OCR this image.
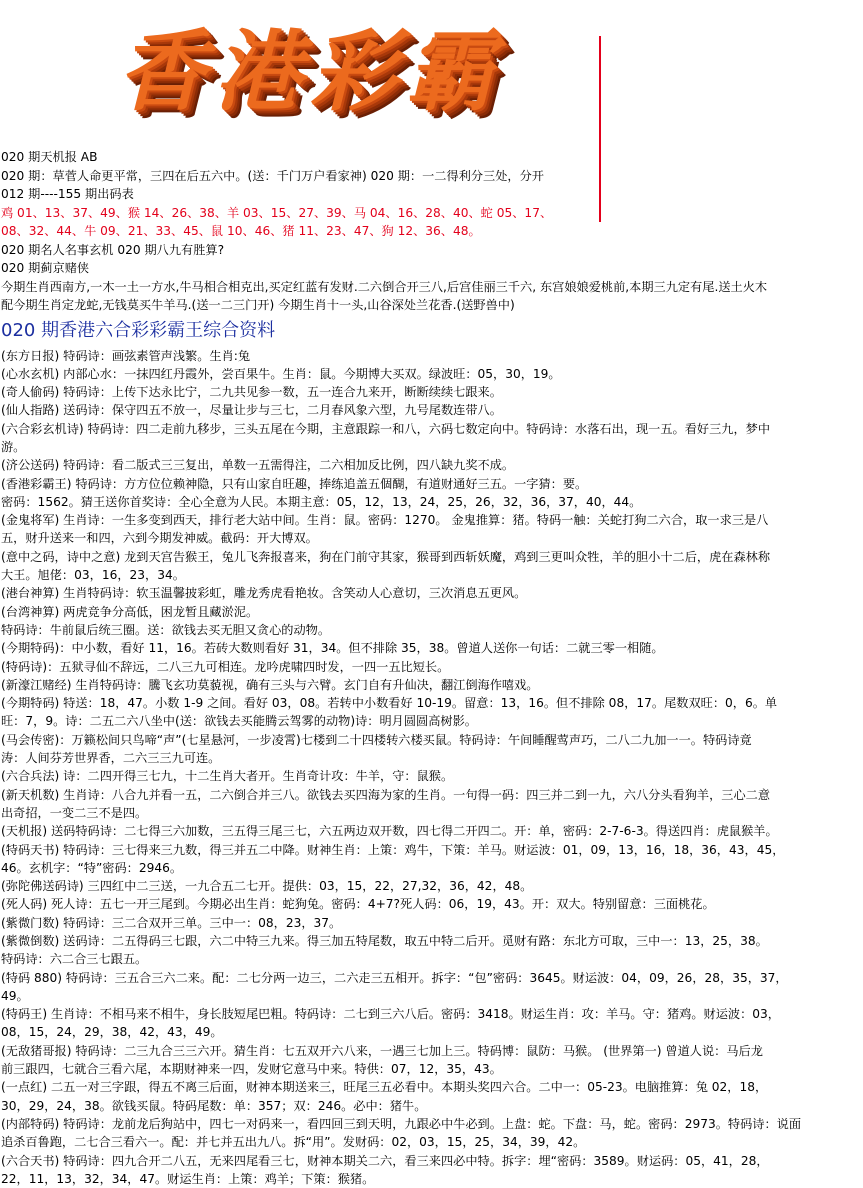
香港彩霸
020 期天机报 AB
020 期：草菅人命更平常，三四在后五六中。(送：千门万户看家神) 020 期：一二得利分三处，分开
012 期----155 期出码表
鸡 01、13、37、49、猴 14、26、38、羊 03、15、27、39、马 04、16、28、40、蛇 05、17、
08、32、44、牛 09、21、33、45、鼠 10、46、猪 11、23、47、狗 12、36、48。
020 期名人名事玄机 020 期八九有胜算?
020 期蓟京赌侠
今期生肖西南方,一木一土一方水,牛马相合相克出,买定红蓝有发财.二六倒合开三八,后宫佳丽三千六, 东宫娘娘爱桃前,本期三九定有尾.送土火木
配今期生肖定龙蛇,无钱莫买牛羊马.(送一二三门开) 今期生肖十一头,山谷深处兰花香.(送野兽中)
020 期香港六合彩彩霸王综合资料
(东方日报) 特码诗：画弦素管声浅繁。生肖:兔
(心水玄机) 内部心水：一抹四红丹霞外，尝百果牛。生肖：鼠。今期博大买双。绿波旺：05，30，19。
(奇人偷码) 特码诗：上传下达永比宁，二九共见参一数，五一连合九来开，断断续续七跟来。
(仙人指路) 送码诗：保守四五不放一，尽量让步与三七，二月春风象六型，九号尾数连带八。
(六合彩玄机诗) 特码诗：四二走前九移步，三头五尾在今期，主意跟踪一和八，六码七数定向中。特码诗：水落石出，现一五。看好三九，梦中
游。
(济公送码) 特码诗：看二版式三三复出，单数一五需得注，二六相加反比例，四八缺九奖不成。
(香港彩霸王) 特码诗：方方位位赖神隐，只有山家自旺趣，捧练追盖五個醐，有道财通好三五。一字猜：要。
密码：1562。猜王送你首奖诗：全心全意为人民。本期主意：05，12，13，24，25，26，32，36，37，40，44。
(金鬼将军) 生肖诗：一生多变到西天，排行老大站中间。生肖：鼠。密码：1270。 金鬼推算：猪。特码一触：关蛇打狗二六合，取一求三是八
五，财升送来一和四，六到今期发神威。截码：开大博双。
(意中之码，诗中之意) 龙到天宫告猴王，兔儿飞奔报喜来，狗在门前守其家，猴哥到西斩妖魔，鸡到三更叫众牲，羊的胆小十二后，虎在森林称
大王。旭佬：03，16，23，34。
(港台神算) 生肖特码诗：软玉温馨披彩虹，雕龙秀虎看艳妆。含笑动人心意切，三次消息五更风。
(台湾神算) 两虎竞争分高低，困龙暂且藏淤泥。
特码诗：牛前鼠后统三圈。送：欲钱去买无胆又贪心的动物。
(今期特码)：中小数，看好 11，16。若砖大数则看好 31，34。但不排除 35，38。曾道人送你一句话：二就三零一相随。
(特码诗)：五狱寻仙不辞远，二八三九可相连。龙吟虎啸四时发，一四一五比短长。
(新濠江赌经) 生肖特码诗：騰飞玄功莫藐视，确有三头与六臂。玄门自有升仙决，翻江倒海作嘻戏。
(今期特码) 特送：18，47。小数 1-9 之间。看好 03，08。若转中小数看好 10-19。留意：13，16。但不排除 08，17。尾数双旺：0，6。单
旺：7，9。诗：二五二六八坐中(送：欲钱去买能腾云驾雾的动物)诗：明月圆圆高树影。
(马会传密)：万籁松间只鸟啼“声”(七星悬河，一步凌霄)七楼到二十四楼转六楼买鼠。特码诗：午间睡醒莺声巧，二八二九加一一。特码诗竟
涛：人间芬芳世界香，二六三三九可连。
(六合兵法) 诗：二四开得三七九，十二生肖大者开。生肖奇计攻：牛羊，守：鼠猴。
(新天机数) 生肖诗：八合九并看一五，二六倒合并三八。欲钱去买四海为家的生肖。一句得一码：四三并二到一九，六八分头看狗羊，三心二意
出奇招，一变二三不是四。
(天机报) 送码特码诗：二七得三六加数，三五得三尾三七，六五两边双开数，四七得二开四二。开：单，密码：2-7-6-3。得送四肖：虎鼠猴羊。
(特码天书) 特码诗：三七得来三九数，得三并五二中降。财神生肖：上策：鸡牛，下策：羊马。财运波：01，09，13，16，18，36，43，45，
46。玄机字：“特”密码：2946。
(弥陀佛送码诗) 三四红中二三送，一九合五二七开。提供：03，15，22，27,32，36，42，48。
(死人码) 死人诗：五七一开三尾到。今期必出生肖：蛇狗兔。密码：4+7?死人码：06，19，43。开：双大。特别留意：三面桃花。
(紫微门数) 特码诗：三二合双开三单。三中一：08，23，37。
(紫微倒数) 送码诗：二五得码三七跟，六二中特三九来。得三加五特尾数，取五中特二后开。觅财有路：东北方可取，三中一：13，25，38。
特码诗：六二合三七跟五。
(特码 880) 特码诗：三五合三六二来。配：二七分两一边三，二六走三五相开。拆字：“包”密码：3645。财运波：04，09，26，28，35，37，
49。
(特码王) 生肖诗：不相马来不相牛，身长肢短尾巴粗。特码诗：二七到三六八后。密码：3418。财运生肖：攻：羊马。守：猪鸡。财运波：03，
08，15，24，29，38，42，43，49。
(无敌猪哥报) 特码诗：二三九合三三六开。猜生肖：七五双开六八来，一遇三七加上三。特码博：鼠防：马猴。 (世界第一) 曾道人说：马后龙
前三跟四，七就合三看六尾，本期财神来一四，发财它意马中来。特供：07，12，35，43。
(一点红) 二五一对三字跟，得五不离三后面，财神本期送来三，旺尾三五必看中。本期头奖四六合。二中一：05-23。电脑推算：兔 02，18，
30，29，24，38。欲钱买鼠。特码尾数：单：357；双：246。必中：猪牛。
(内部特码) 特码诗：龙前龙后狗站中，四七一对码来一，看四回三到天明，九跟必中牛必到。上盘：蛇。下盘：马，蛇。密码：2973。特码诗：说面
追杀百鲁跑，二七合三看六一。配：并七并五出九八。拆“用”。发财码：02，03，15，25，34，39，42。
(六合天书) 特码诗：四九合开二八五，无来四尾看三七，财神本期关二六，看三来四必中特。拆字：埋“密码：3589。财运码：05，41，28，
22，11，13，32，34，47。财运生肖：上策：鸡羊；下策：猴猪。
